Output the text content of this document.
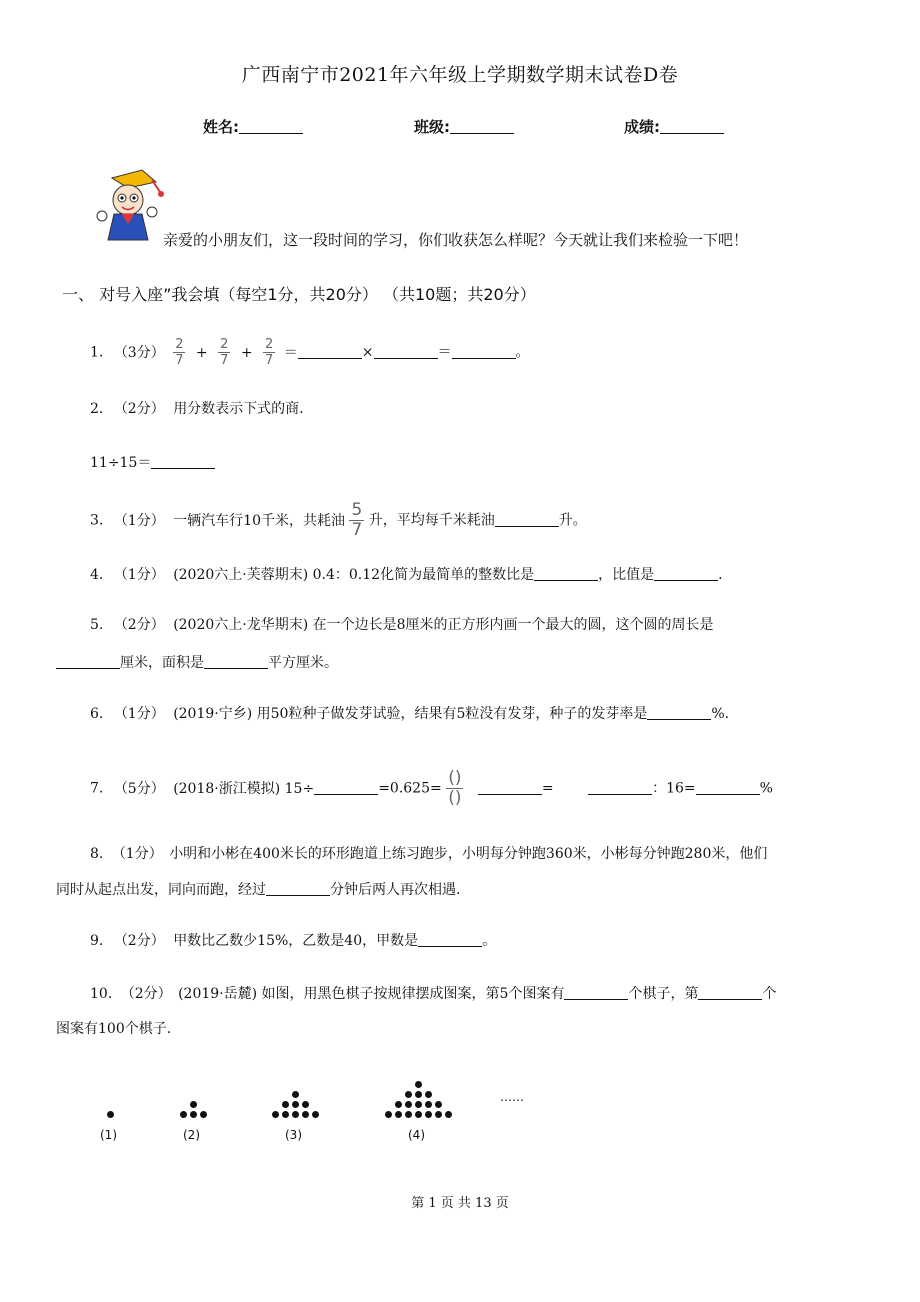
广西南宁市2021年六年级上学期数学期末试卷D卷
姓名:	班级:	成绩:
亲爱的小朋友们，这一段时间的学习，你们收获怎么样呢？今天就让我们来检验一下吧！
一、 对号入座”我会填（每空1分，共20分） （共10题；共20分）
1. （3分） $\frac{2}{7} + \frac{2}{7} + \frac{2}{7}$ ＝	×	＝	。
2. （2分） 用分数表示下式的商.
11÷15＝
3. （1分） 一辆汽车行10千米，共耗油 $\frac{5}{7}$ 升，平均每千米耗油	升。
4. （1分） (2020六上·芙蓉期末) 0.4：0.12化简为最简单的整数比是	，比值是	.
5. （2分） (2020六上·龙华期末) 在一个边长是8厘米的正方形内画一个最大的圆，这个圆的周长是
厘米，面积是	平方厘米。
6. （1分） (2019·宁乡) 用50粒种子做发芽试验，结果有5粒没有发芽，种子的发芽率是	%.
7. （5分） (2018·浙江模拟) 15÷	$=0.625= \frac{()}{()}$	=	：16=	%
8. （1分） 小明和小彬在400米长的环形跑道上练习跑步，小明每分钟跑360米，小彬每分钟跑280米，他们
同时从起点出发，同向而跑，经过	分钟后两人再次相遇.
9. （2分） 甲数比乙数少15%，乙数是40，甲数是	。
10. （2分） (2019·岳麓) 如图，用黑色棋子按规律摆成图案，第5个图案有	个棋子，第	个
图案有100个棋子.
(1)	(2)	(3)	(4)
……
第 1 页 共 13 页
